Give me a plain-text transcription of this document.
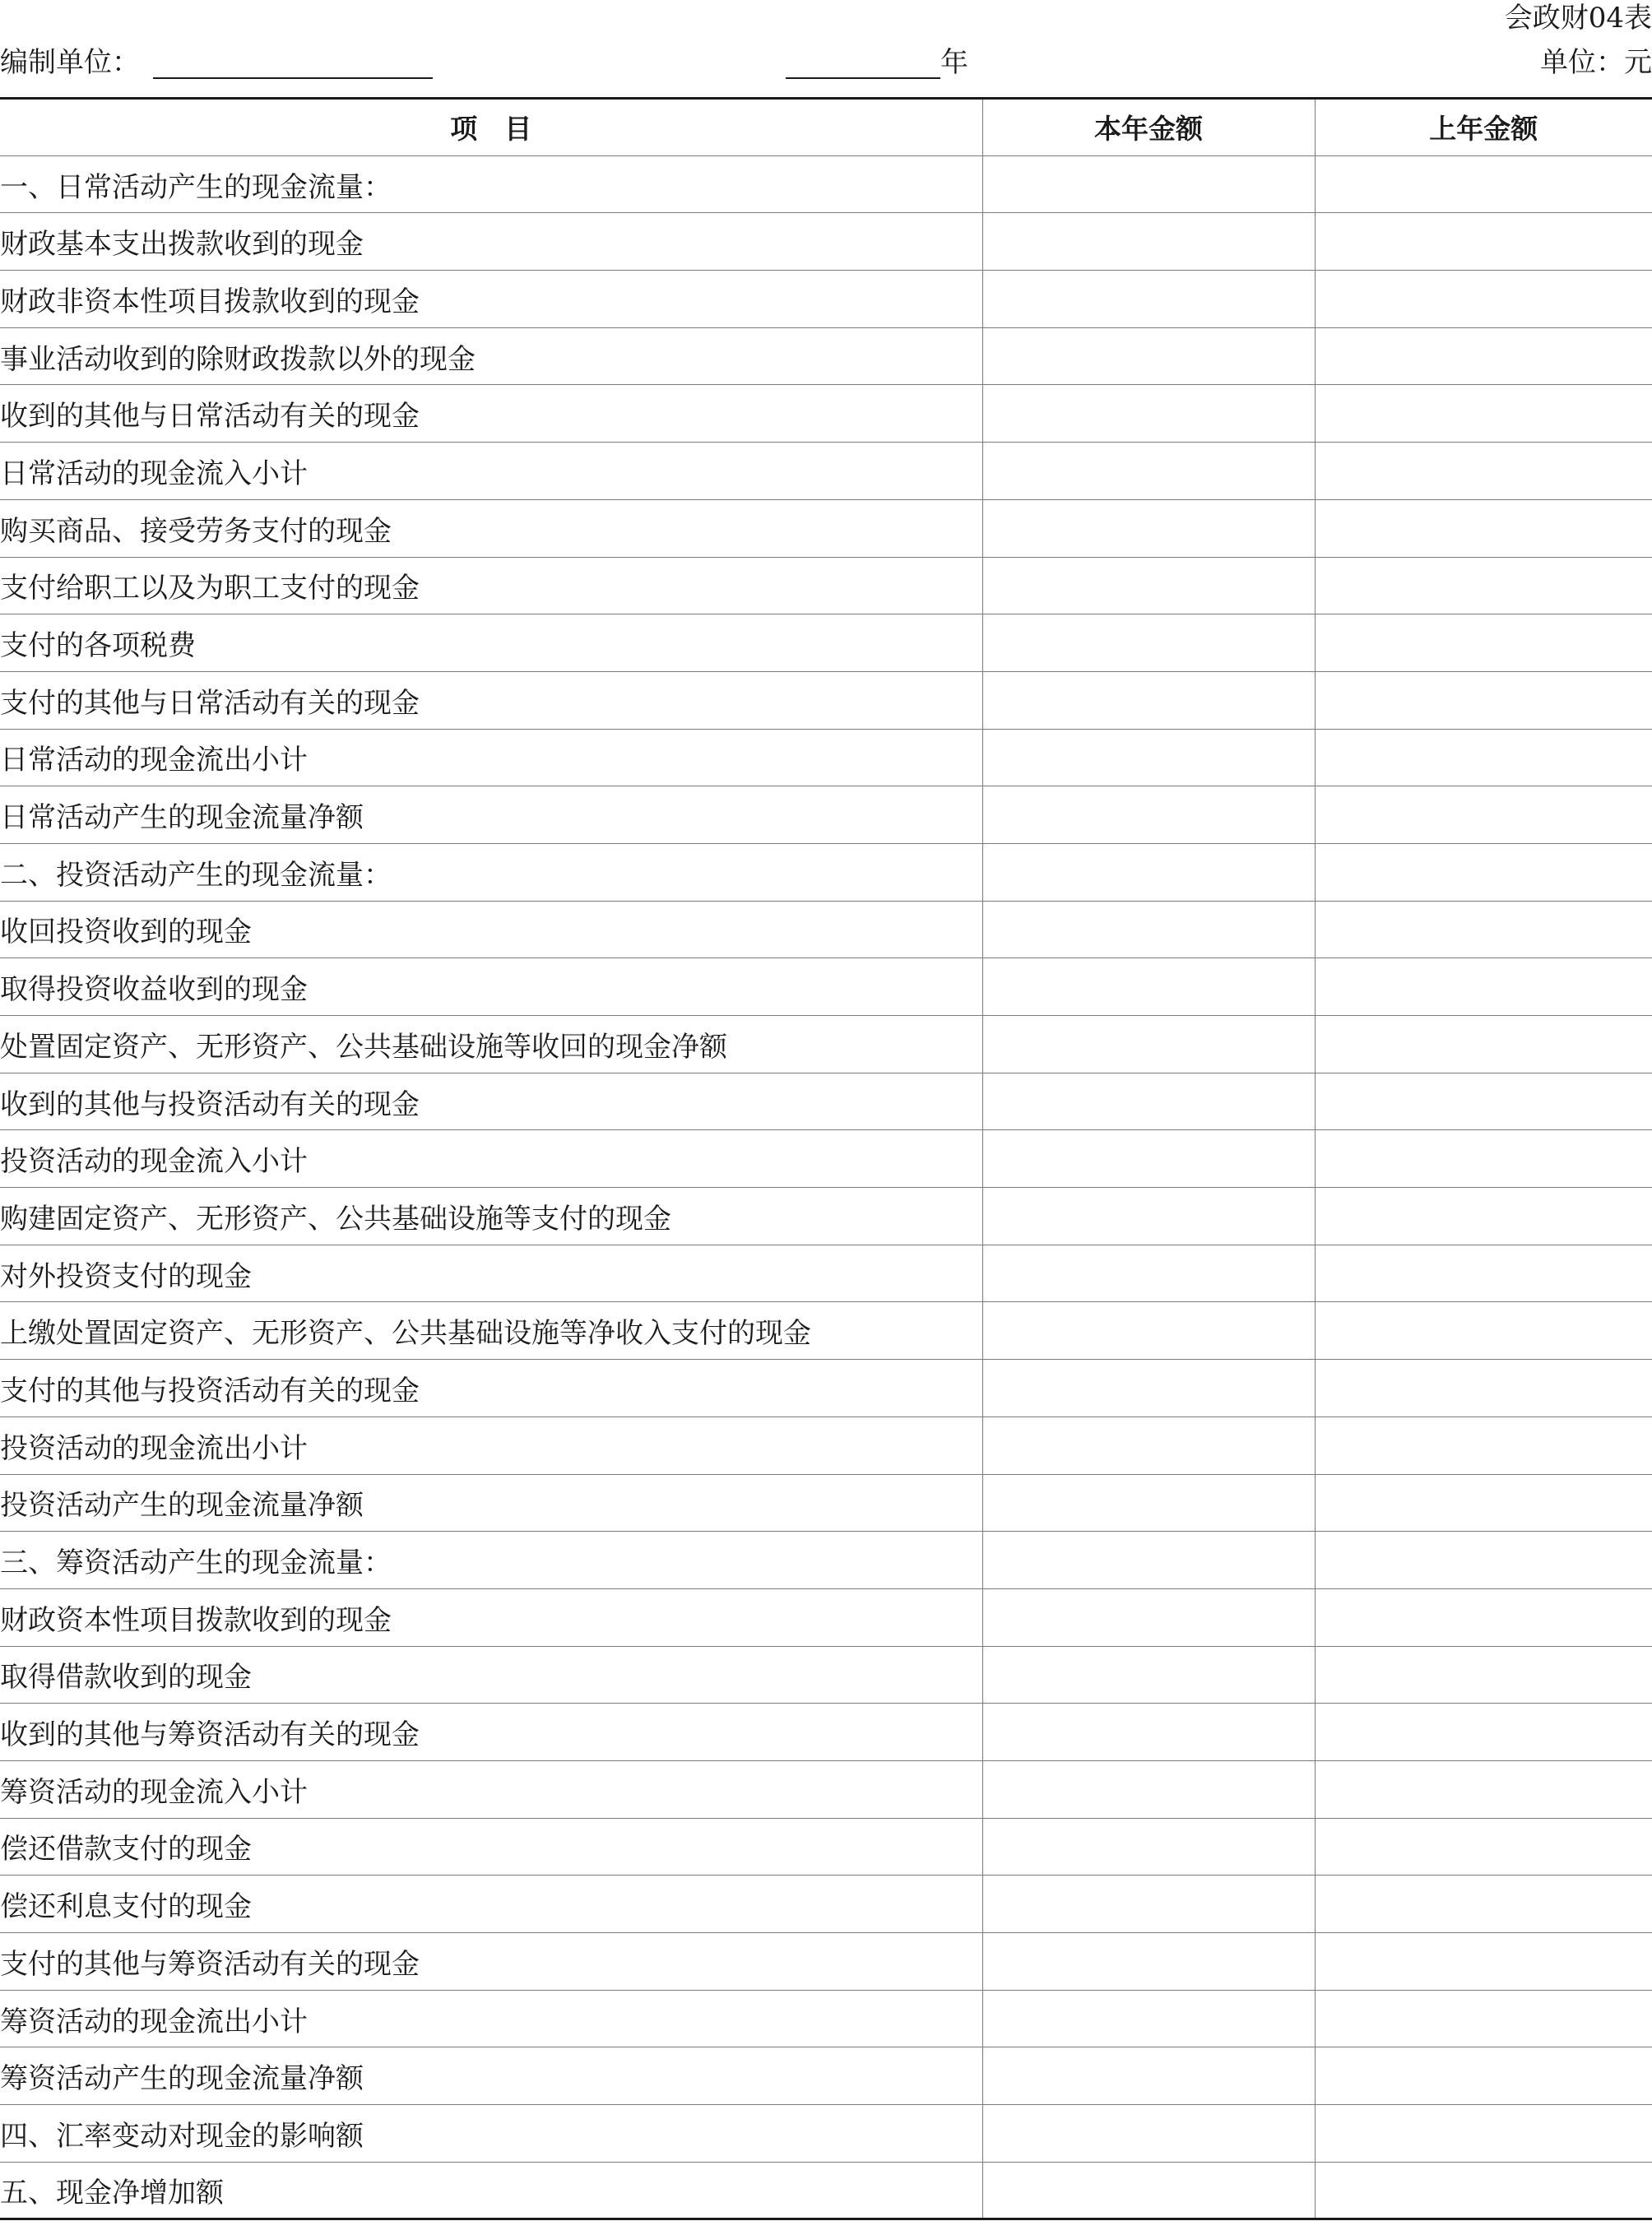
会政财04表
编制单位：	年	单位：元
项　目	本年金额	上年金额
一、日常活动产生的现金流量：		
财政基本支出拨款收到的现金		
财政非资本性项目拨款收到的现金		
事业活动收到的除财政拨款以外的现金		
收到的其他与日常活动有关的现金		
日常活动的现金流入小计		
购买商品、接受劳务支付的现金		
支付给职工以及为职工支付的现金		
支付的各项税费		
支付的其他与日常活动有关的现金		
日常活动的现金流出小计		
日常活动产生的现金流量净额		
二、投资活动产生的现金流量：		
收回投资收到的现金		
取得投资收益收到的现金		
处置固定资产、无形资产、公共基础设施等收回的现金净额		
收到的其他与投资活动有关的现金		
投资活动的现金流入小计		
购建固定资产、无形资产、公共基础设施等支付的现金		
对外投资支付的现金		
上缴处置固定资产、无形资产、公共基础设施等净收入支付的现金		
支付的其他与投资活动有关的现金		
投资活动的现金流出小计		
投资活动产生的现金流量净额		
三、筹资活动产生的现金流量：		
财政资本性项目拨款收到的现金		
取得借款收到的现金		
收到的其他与筹资活动有关的现金		
筹资活动的现金流入小计		
偿还借款支付的现金		
偿还利息支付的现金		
支付的其他与筹资活动有关的现金		
筹资活动的现金流出小计		
筹资活动产生的现金流量净额		
四、汇率变动对现金的影响额		
五、现金净增加额		
